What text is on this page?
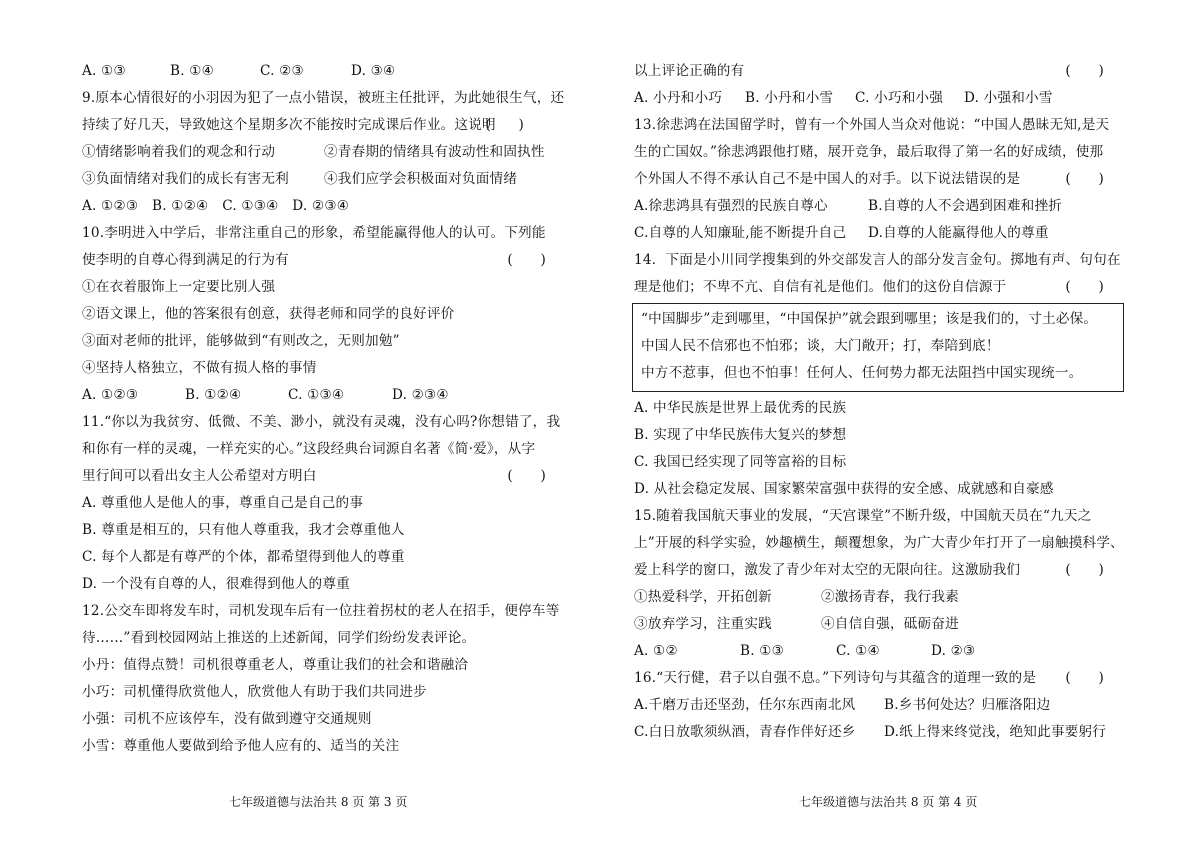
A. ①③	B. ①④	C. ②③	D. ③④
9.原本心情很好的小羽因为犯了一点小错误，被班主任批评，为此她很生气，还
持续了好几天，导致她这个星期多次不能按时完成课后作业。这说明
(　　)
①情绪影响着我们的观念和行动	②青春期的情绪具有波动性和固执性
③负面情绪对我们的成长有害无利	④我们应学会积极面对负面情绪
A. ①②③　B. ①②④　C. ①③④　D. ②③④
10.李明进入中学后，非常注重自己的形象，希望能赢得他人的认可。下列能
使李明的自尊心得到满足的行为有	(　　)
①在衣着服饰上一定要比别人强
②语文课上，他的答案很有创意，获得老师和同学的良好评价
③面对老师的批评，能够做到“有则改之，无则加勉”
④坚持人格独立，不做有损人格的事情
A. ①②③	B. ①②④	C. ①③④	D. ②③④
11.“你以为我贫穷、低微、不美、渺小，就没有灵魂，没有心吗?你想错了，我
和你有一样的灵魂，一样充实的心。”这段经典台词源自名著《简·爱》，从字
里行间可以看出女主人公希望对方明白	(　　)
A. 尊重他人是他人的事，尊重自己是自己的事
B. 尊重是相互的，只有他人尊重我，我才会尊重他人
C. 每个人都是有尊严的个体，都希望得到他人的尊重
D. 一个没有自尊的人，很难得到他人的尊重
12.公交车即将发车时，司机发现车后有一位拄着拐杖的老人在招手，便停车等
待……”看到校园网站上推送的上述新闻，同学们纷纷发表评论。
小丹：值得点赞！司机很尊重老人，尊重让我们的社会和谐融洽
小巧：司机懂得欣赏他人，欣赏他人有助于我们共同进步
小强：司机不应该停车，没有做到遵守交通规则
小雪：尊重他人要做到给予他人应有的、适当的关注
七年级道德与法治共 8 页 第 3 页
以上评论正确的有	(　　)
A. 小丹和小巧 B. 小丹和小雪 C. 小巧和小强 D. 小强和小雪
13.徐悲鸿在法国留学时，曾有一个外国人当众对他说：“中国人愚昧无知,是天
生的亡国奴。”徐悲鸿跟他打赌，展开竞争，最后取得了第一名的好成绩，使那
个外国人不得不承认自己不是中国人的对手。以下说法错误的是	(　　)
A.徐悲鸿具有强烈的民族自尊心	B.自尊的人不会遇到困难和挫折
C.自尊的人知廉耻,能不断提升自己 D.自尊的人能赢得他人的尊重
14．下面是小川同学搜集到的外交部发言人的部分发言金句。掷地有声、句句在
理是他们；不卑不亢、自信有礼是他们。他们的这份自信源于	(　　)
“中国脚步”走到哪里，“中国保护”就会跟到哪里；该是我们的，寸土必保。
中国人民不信邪也不怕邪；谈，大门敞开；打，奉陪到底！
中方不惹事，但也不怕事！任何人、任何势力都无法阻挡中国实现统一。
A. 中华民族是世界上最优秀的民族
B. 实现了中华民族伟大复兴的梦想
C. 我国已经实现了同等富裕的目标
D. 从社会稳定发展、国家繁荣富强中获得的安全感、成就感和自豪感
15.随着我国航天事业的发展，“天宫课堂”不断升级，中国航天员在“九天之
上”开展的科学实验，妙趣横生，颠覆想象，为广大青少年打开了一扇触摸科学、
爱上科学的窗口，激发了青少年对太空的无限向往。这激励我们	(　　)
①热爱科学，开拓创新	②激扬青春，我行我素
③放弃学习，注重实践	④自信自强，砥砺奋进
A. ①②	B. ①③	C. ①④	D. ②③
16.“天行健，君子以自强不息。”下列诗句与其蕴含的道理一致的是 (　　)
A.千磨万击还坚劲，任尔东西南北风 B.乡书何处达？归雁洛阳边
C.白日放歌须纵酒，青春作伴好还乡 D.纸上得来终觉浅，绝知此事要躬行
七年级道德与法治共 8 页 第 4 页
